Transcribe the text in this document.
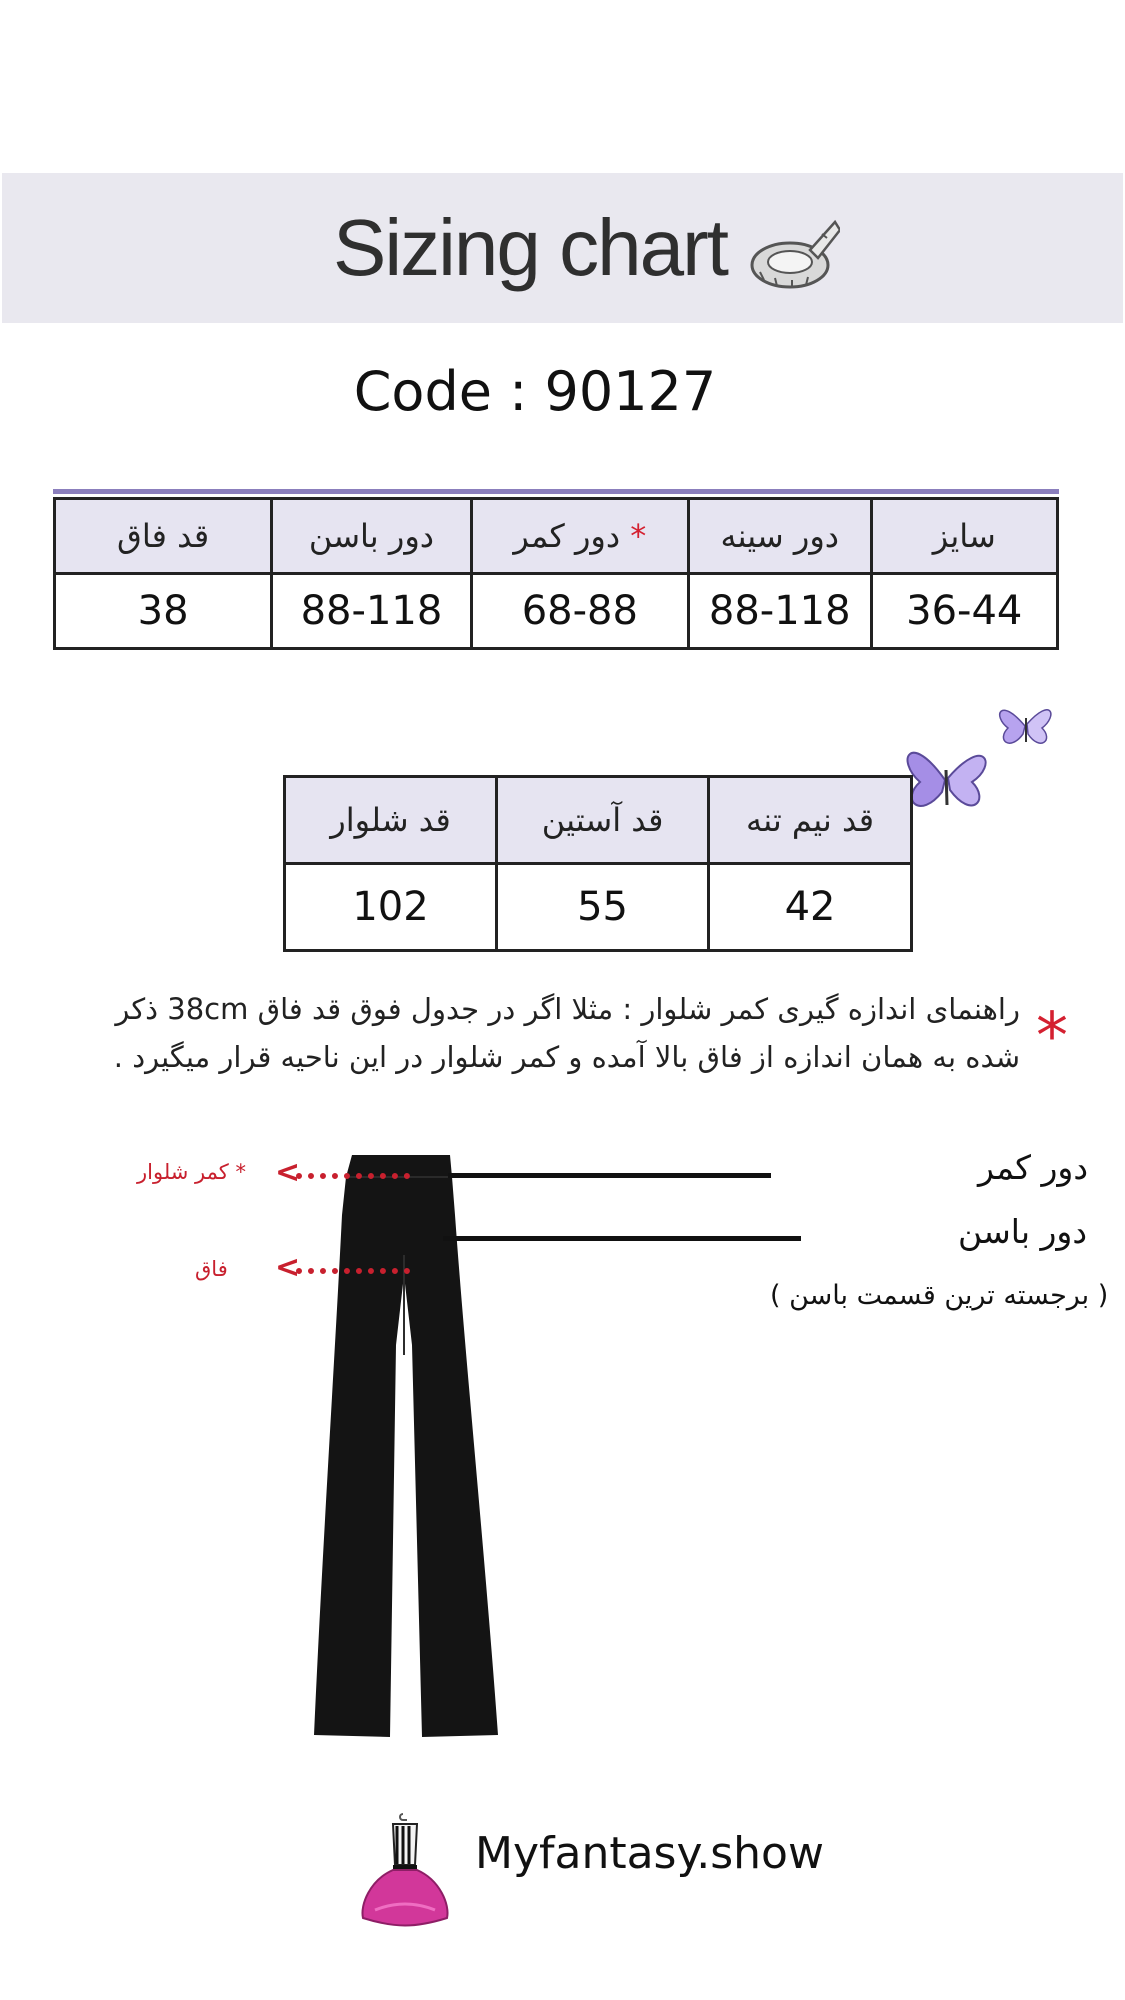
Sizing chart
Code : 90127
قد فاق	دور باسن	دور کمر *	دور سینه	سایز
38	88-118	68-88	88-118	36-44
قد شلوار	قد آستین	قد نیم تنه
102	55	42
*
راهنمای اندازه گیری کمر شلوار : مثلا اگر در جدول فوق قد فاق 38cm ذکر
شده به همان اندازه از فاق بالا آمده و کمر شلوار در این ناحیه قرار میگیرد .
دور کمر
دور باسن
( برجسته ترین قسمت باسن )
* کمر شلوار <
فاق <
Myfantasy.show
